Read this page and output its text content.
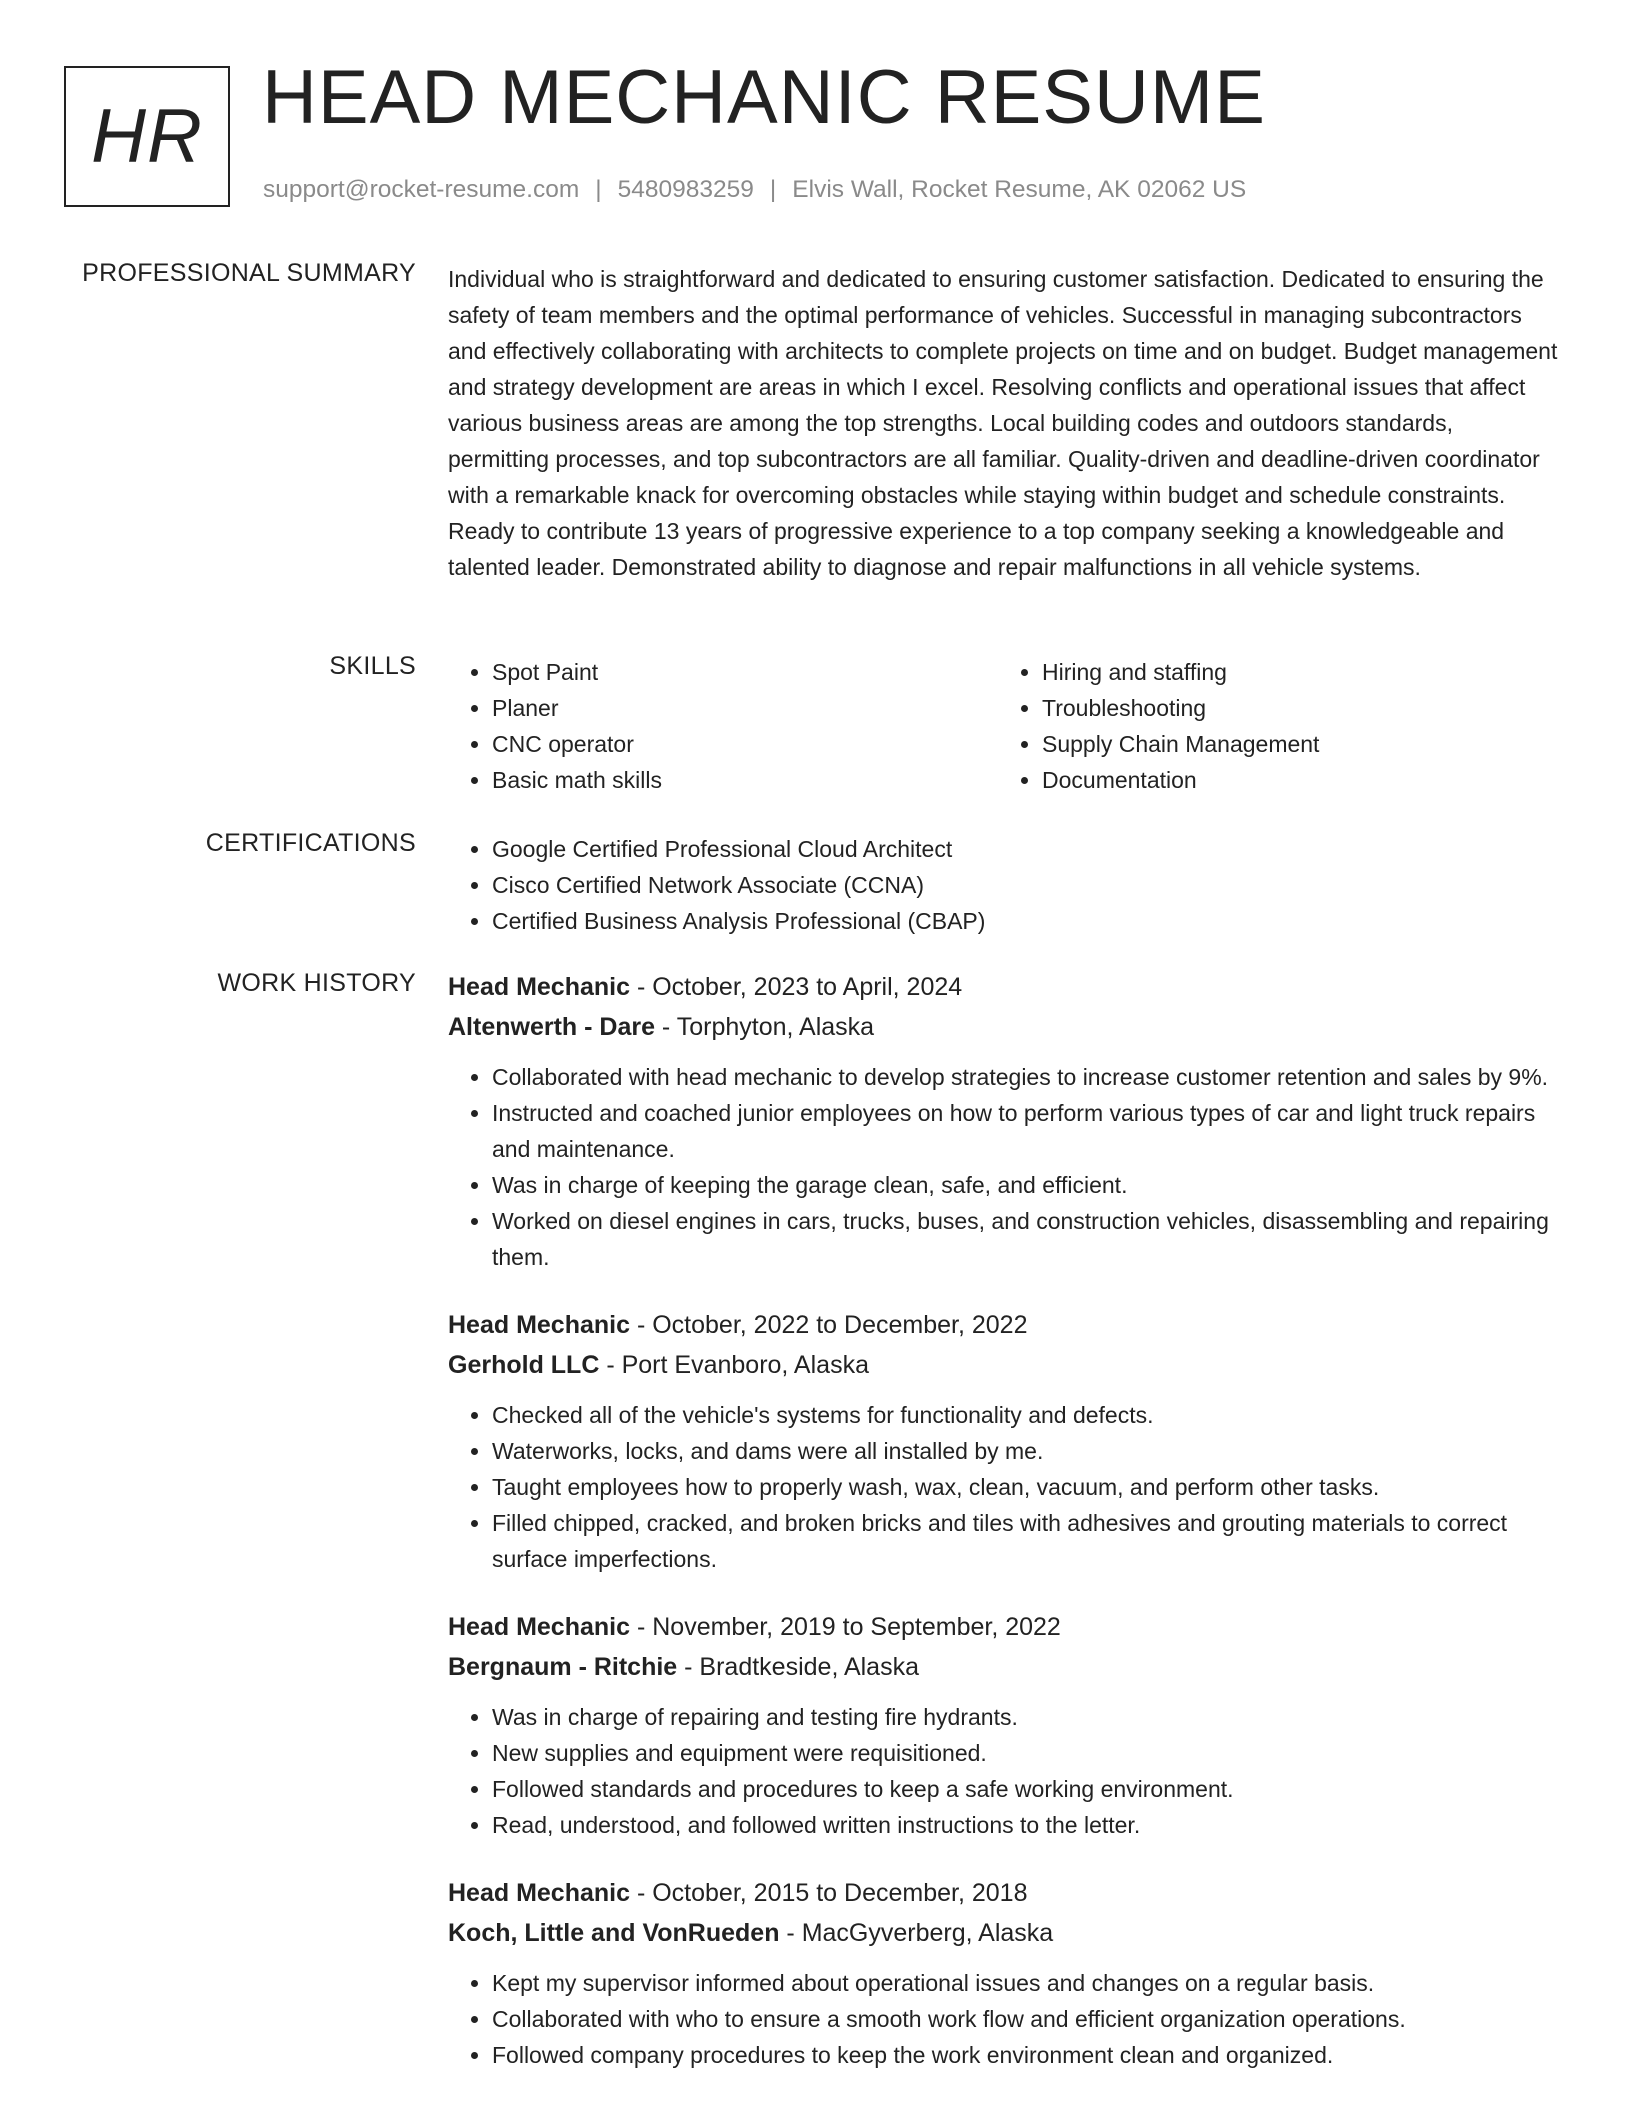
HR HEAD MECHANIC RESUME
support@rocket-resume.com | 5480983259 | Elvis Wall, Rocket Resume, AK 02062 US
PROFESSIONAL SUMMARY Individual who is straightforward and dedicated to ensuring customer satisfaction. Dedicated to ensuring the safety of team members and the optimal performance of vehicles. Successful in managing subcontractors and effectively collaborating with architects to complete projects on time and on budget. Budget management and strategy development are areas in which I excel. Resolving conflicts and operational issues that affect various business areas are among the top strengths. Local building codes and outdoors standards, permitting processes, and top subcontractors are all familiar. Quality-driven and deadline-driven coordinator with a remarkable knack for overcoming obstacles while staying within budget and schedule constraints. Ready to contribute 13 years of progressive experience to a top company seeking a knowledgeable and talented leader. Demonstrated ability to diagnose and repair malfunctions in all vehicle systems.

SKILLS	• Spot Paint
• Planer
• CNC operator
• Basic math skills
• Hiring and staffing
• Troubleshooting
• Supply Chain Management
• Documentation
CERTIFICATIONS	• Google Certified Professional Cloud Architect
• Cisco Certified Network Associate (CCNA)
• Certified Business Analysis Professional (CBAP)
WORK HISTORY Head Mechanic - October, 2023 to April, 2024
Altenwerth - Dare - Torphyton, Alaska
• Collaborated with head mechanic to develop strategies to increase customer retention and sales by 9%.
• Instructed and coached junior employees on how to perform various types of car and light truck repairs and maintenance.
• Was in charge of keeping the garage clean, safe, and efficient.
• Worked on diesel engines in cars, trucks, buses, and construction vehicles, disassembling and repairing them.
Head Mechanic - October, 2022 to December, 2022
Gerhold LLC - Port Evanboro, Alaska
• Checked all of the vehicle's systems for functionality and defects.
• Waterworks, locks, and dams were all installed by me.
• Taught employees how to properly wash, wax, clean, vacuum, and perform other tasks.
• Filled chipped, cracked, and broken bricks and tiles with adhesives and grouting materials to correct surface imperfections.
Head Mechanic - November, 2019 to September, 2022
Bergnaum - Ritchie - Bradtkeside, Alaska
• Was in charge of repairing and testing fire hydrants.
• New supplies and equipment were requisitioned.
• Followed standards and procedures to keep a safe working environment.
• Read, understood, and followed written instructions to the letter.
Head Mechanic - October, 2015 to December, 2018
Koch, Little and VonRueden - MacGyverberg, Alaska
• Kept my supervisor informed about operational issues and changes on a regular basis.
• Collaborated with who to ensure a smooth work flow and efficient organization operations.
• Followed company procedures to keep the work environment clean and organized.
